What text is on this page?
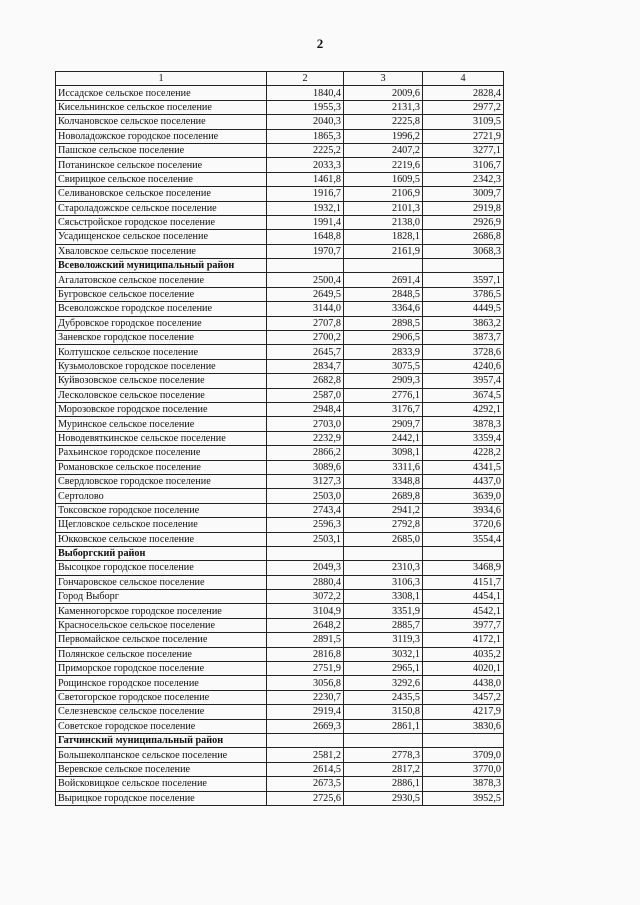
2
1	2	3	4
Иссадское сельское поселение	1840,4	2009,6	2828,4
Кисельнинское сельское поселение	1955,3	2131,3	2977,2
Колчановское сельское поселение	2040,3	2225,8	3109,5
Новоладожское городское поселение	1865,3	1996,2	2721,9
Пашское сельское поселение	2225,2	2407,2	3277,1
Потанинское сельское поселение	2033,3	2219,6	3106,7
Свирицкое сельское поселение	1461,8	1609,5	2342,3
Селивановское сельское поселение	1916,7	2106,9	3009,7
Староладожское сельское поселение	1932,1	2101,3	2919,8
Сясьстройское городское поселение	1991,4	2138,0	2926,9
Усадищенское сельское поселение	1648,8	1828,1	2686,8
Хваловское сельское поселение	1970,7	2161,9	3068,3
Всеволожский муниципальный район			
Агалатовское сельское поселение	2500,4	2691,4	3597,1
Бугровское сельское поселение	2649,5	2848,5	3786,5
Всеволожское городское поселение	3144,0	3364,6	4449,5
Дубровское городское поселение	2707,8	2898,5	3863,2
Заневское городское поселение	2700,2	2906,5	3873,7
Колтушское сельское поселение	2645,7	2833,9	3728,6
Кузьмоловское городское поселение	2834,7	3075,5	4240,6
Куйвозовское сельское поселение	2682,8	2909,3	3957,4
Лесколовское сельское поселение	2587,0	2776,1	3674,5
Морозовское городское поселение	2948,4	3176,7	4292,1
Муринское сельское поселение	2703,0	2909,7	3878,3
Новодевяткинское сельское поселение	2232,9	2442,1	3359,4
Рахьинское городское поселение	2866,2	3098,1	4228,2
Романовское сельское поселение	3089,6	3311,6	4341,5
Свердловское городское поселение	3127,3	3348,8	4437,0
Сертолово	2503,0	2689,8	3639,0
Токсовское городское поселение	2743,4	2941,2	3934,6
Щегловское сельское поселение	2596,3	2792,8	3720,6
Юкковское сельское поселение	2503,1	2685,0	3554,4
Выборгский район			
Высоцкое городское поселение	2049,3	2310,3	3468,9
Гончаровское сельское поселение	2880,4	3106,3	4151,7
Город Выборг	3072,2	3308,1	4454,1
Каменногорское городское поселение	3104,9	3351,9	4542,1
Красносельское сельское поселение	2648,2	2885,7	3977,7
Первомайское сельское поселение	2891,5	3119,3	4172,1
Полянское сельское поселение	2816,8	3032,1	4035,2
Приморское городское поселение	2751,9	2965,1	4020,1
Рощинское городское поселение	3056,8	3292,6	4438,0
Светогорское городское поселение	2230,7	2435,5	3457,2
Селезневское сельское поселение	2919,4	3150,8	4217,9
Советское городское поселение	2669,3	2861,1	3830,6
Гатчинский муниципальный район			
Большеколпанское сельское поселение	2581,2	2778,3	3709,0
Веревское сельское поселение	2614,5	2817,2	3770,0
Войсковицкое сельское поселение	2673,5	2886,1	3878,3
Вырицкое городское поселение	2725,6	2930,5	3952,5
